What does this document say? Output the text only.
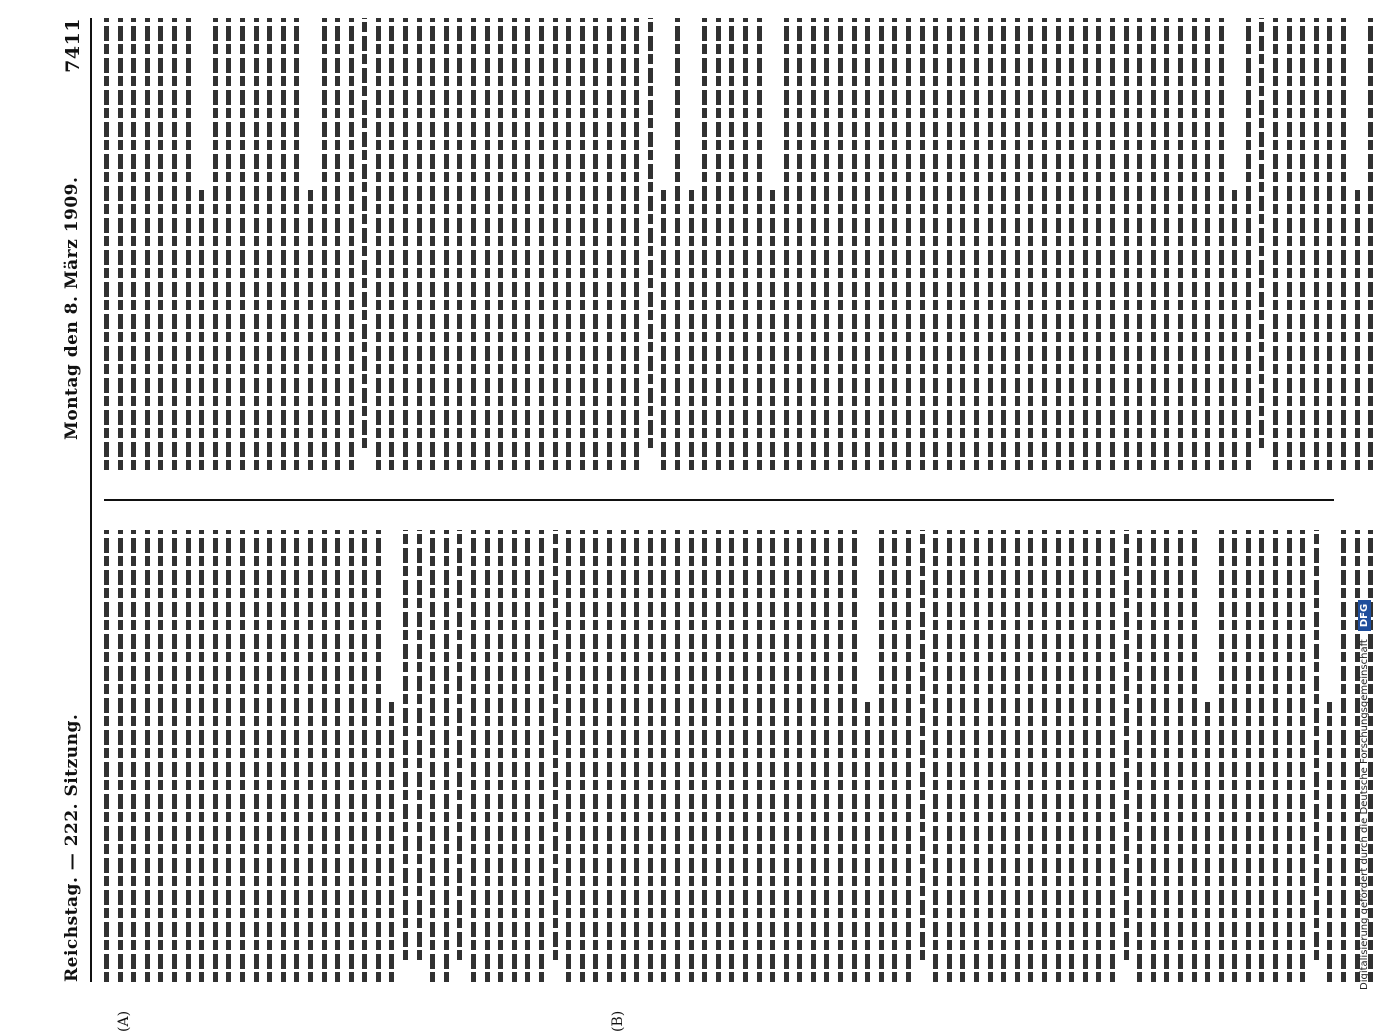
Reichstag. — 222. Sitzung.
Montag den 8. März 1909.
7411
(A)	(B)
Digitalisierung gefördert durch die Deutsche Forschungsgemeinschaft
DFG
